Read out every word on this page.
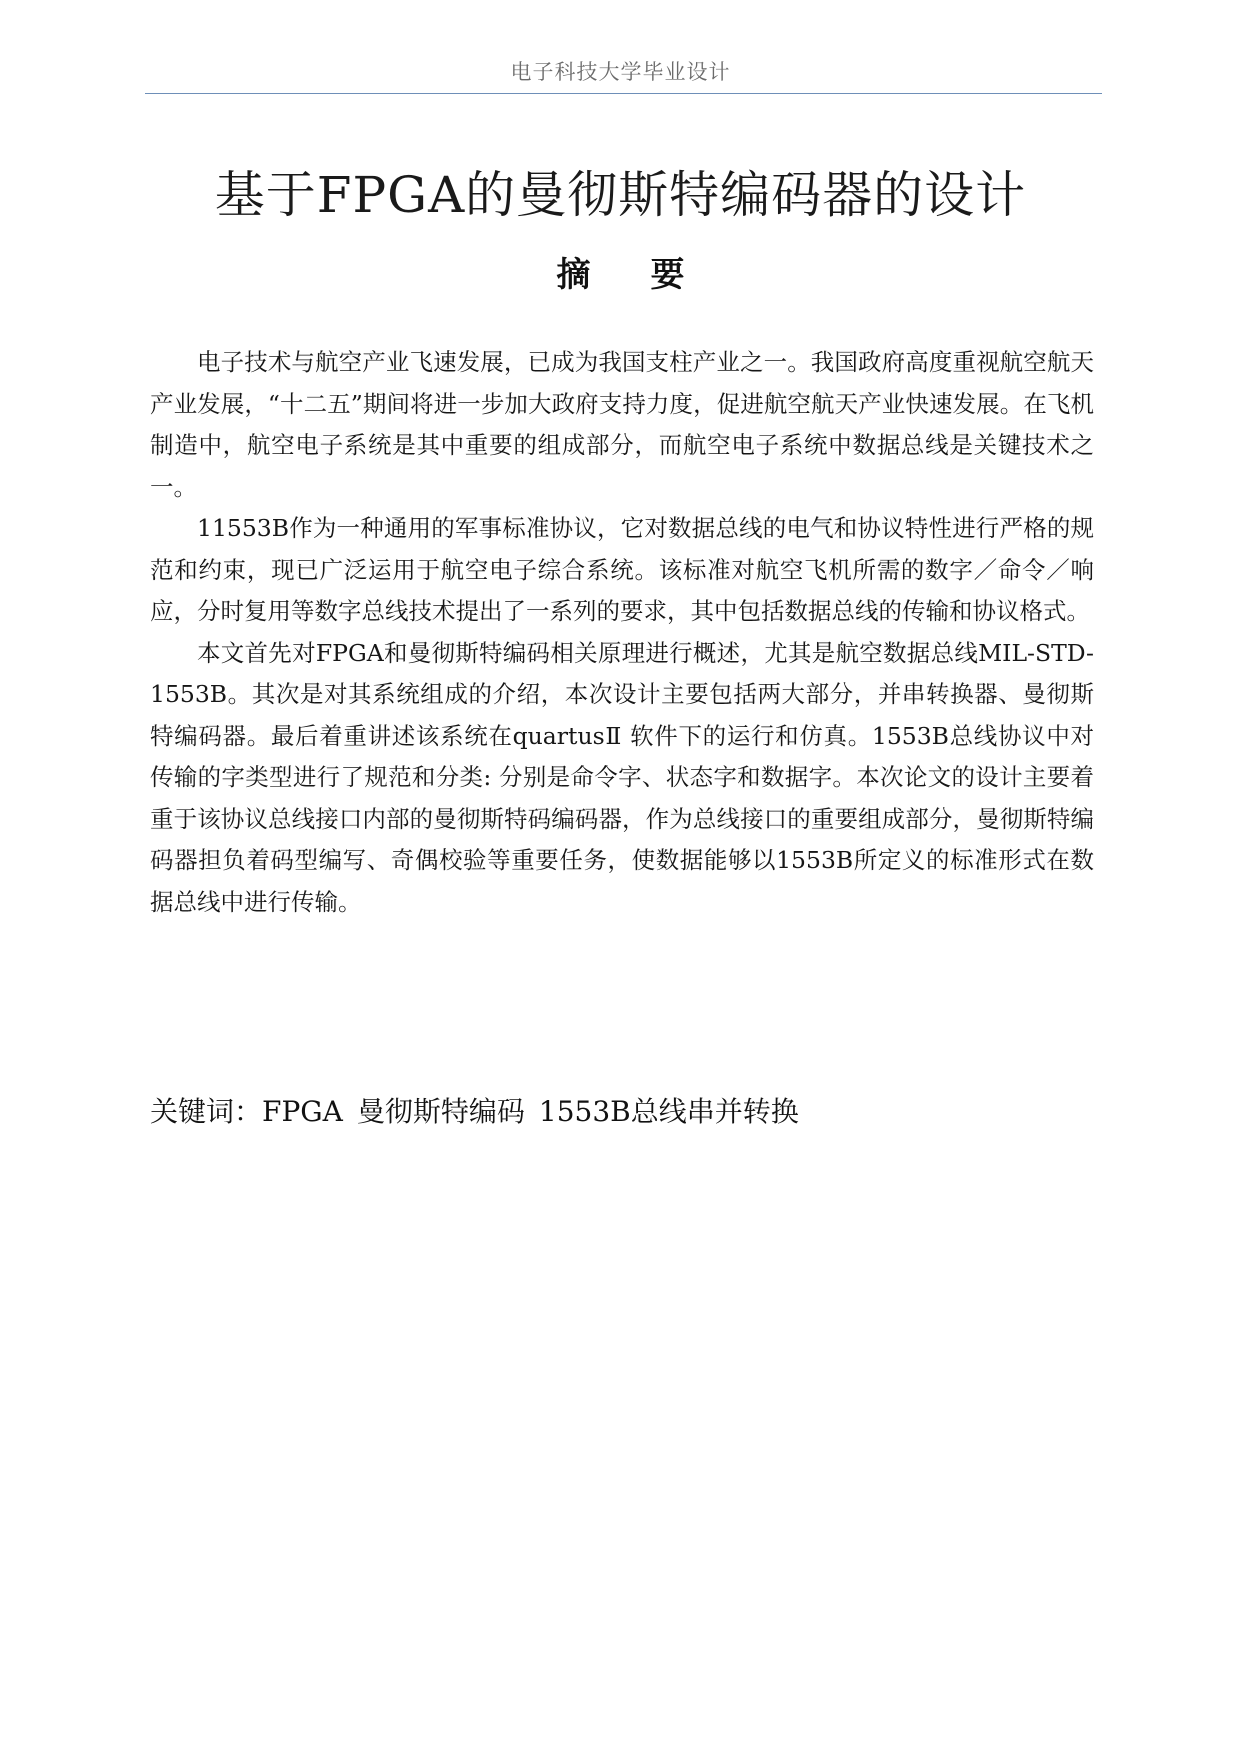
电子科技大学毕业设计
基于FPGA的曼彻斯特编码器的设计
摘 要

电子技术与航空产业飞速发展，已成为我国支柱产业之一。我国政府高度重视航空航天产业发展，“十二五”期间将进一步加大政府支持力度，促进航空航天产业快速发展。在飞机制造中，航空电子系统是其中重要的组成部分，而航空电子系统中数据总线是关键技术之一。

11553B作为一种通用的军事标准协议，它对数据总线的电气和协议特性进行严格的规范和约束，现已广泛运用于航空电子综合系统。该标准对航空飞机所需的数字／命令／响应，分时复用等数字总线技术提出了一系列的要求，其中包括数据总线的传输和协议格式。

本文首先对FPGA和曼彻斯特编码相关原理进行概述，尤其是航空数据总线MIL-STD-1553B。其次是对其系统组成的介绍，本次设计主要包括两大部分，并串转换器、曼彻斯特编码器。最后着重讲述该系统在quartusⅡ 软件下的运行和仿真。1553B总线协议中对传输的字类型进行了规范和分类: 分别是命令字、状态字和数据字。本次论文的设计主要着重于该协议总线接口内部的曼彻斯特码编码器，作为总线接口的重要组成部分，曼彻斯特编码器担负着码型编写、奇偶校验等重要任务，使数据能够以1553B所定义的标准形式在数据总线中进行传输。

关键词：FPGA 曼彻斯特编码 1553B总线串并转换
